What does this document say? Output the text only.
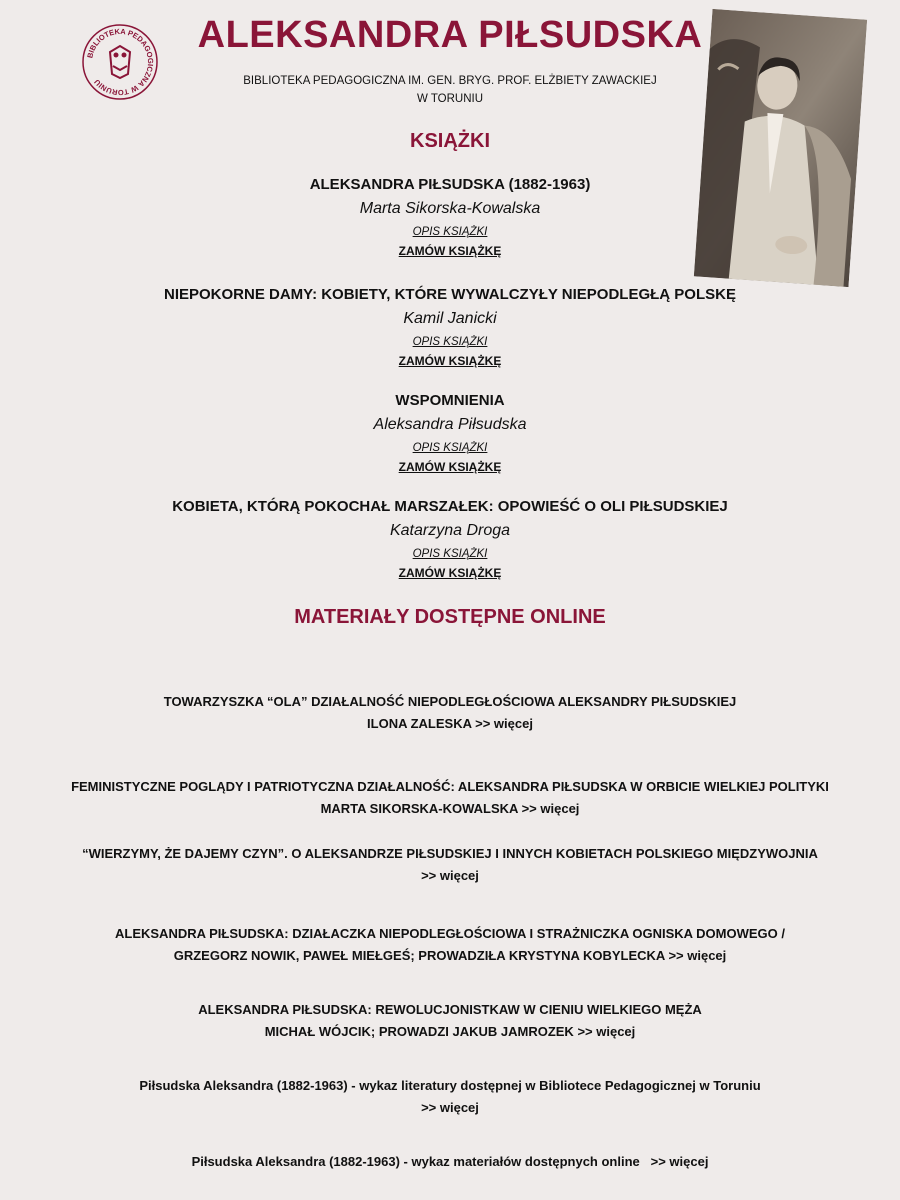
BIBLIOTEKA PEDAGOGICZNA W TORUNIU
ALEKSANDRA PIŁSUDSKA
BIBLIOTEKA PEDAGOGICZNA IM. GEN. BRYG. PROF. ELŻBIETY ZAWACKIEJ
W TORUNIU
KSIĄŻKI
ALEKSANDRA PIŁSUDSKA (1882-1963)
Marta Sikorska-Kowalska
OPIS KSIĄŻKI
ZAMÓW KSIĄŻKĘ
NIEPOKORNE DAMY: KOBIETY, KTÓRE WYWALCZYŁY NIEPODLEGŁĄ POLSKĘ
Kamil Janicki
OPIS KSIĄŻKI
ZAMÓW KSIĄŻKĘ
WSPOMNIENIA
Aleksandra Piłsudska
OPIS KSIĄŻKI
ZAMÓW KSIĄŻKĘ
KOBIETA, KTÓRĄ POKOCHAŁ MARSZAŁEK: OPOWIEŚĆ O OLI PIŁSUDSKIEJ
Katarzyna Droga
OPIS KSIĄŻKI
ZAMÓW KSIĄŻKĘ
MATERIAŁY DOSTĘPNE ONLINE
TOWARZYSZKA “OLA” DZIAŁALNOŚĆ NIEPODLEGŁOŚCIOWA ALEKSANDRY PIŁSUDSKIEJ
ILONA ZALESKA >> więcej
FEMINISTYCZNE POGLĄDY I PATRIOTYCZNA DZIAŁALNOŚĆ: ALEKSANDRA PIŁSUDSKA W ORBICIE WIELKIEJ POLITYKI
MARTA SIKORSKA-KOWALSKA >> więcej
“WIERZYMY, ŻE DAJEMY CZYN”. O ALEKSANDRZE PIŁSUDSKIEJ I INNYCH KOBIETACH POLSKIEGO MIĘDZYWOJNIA
>> więcej
ALEKSANDRA PIŁSUDSKA: DZIAŁACZKA NIEPODLEGŁOŚCIOWA I STRAŻNICZKA OGNISKA DOMOWEGO /
GRZEGORZ NOWIK, PAWEŁ MIEŁGEŚ; PROWADZIŁA KRYSTYNA KOBYLECKA >> więcej
ALEKSANDRA PIŁSUDSKA: REWOLUCJONISTKAW W CIENIU WIELKIEGO MĘŻA
MICHAŁ WÓJCIK; PROWADZI JAKUB JAMROZEK >> więcej
Piłsudska Aleksandra (1882-1963) - wykaz literatury dostępnej w Bibliotece Pedagogicznej w Toruniu
>> więcej
Piłsudska Aleksandra (1882-1963) - wykaz materiałów dostępnych online >> więcej
